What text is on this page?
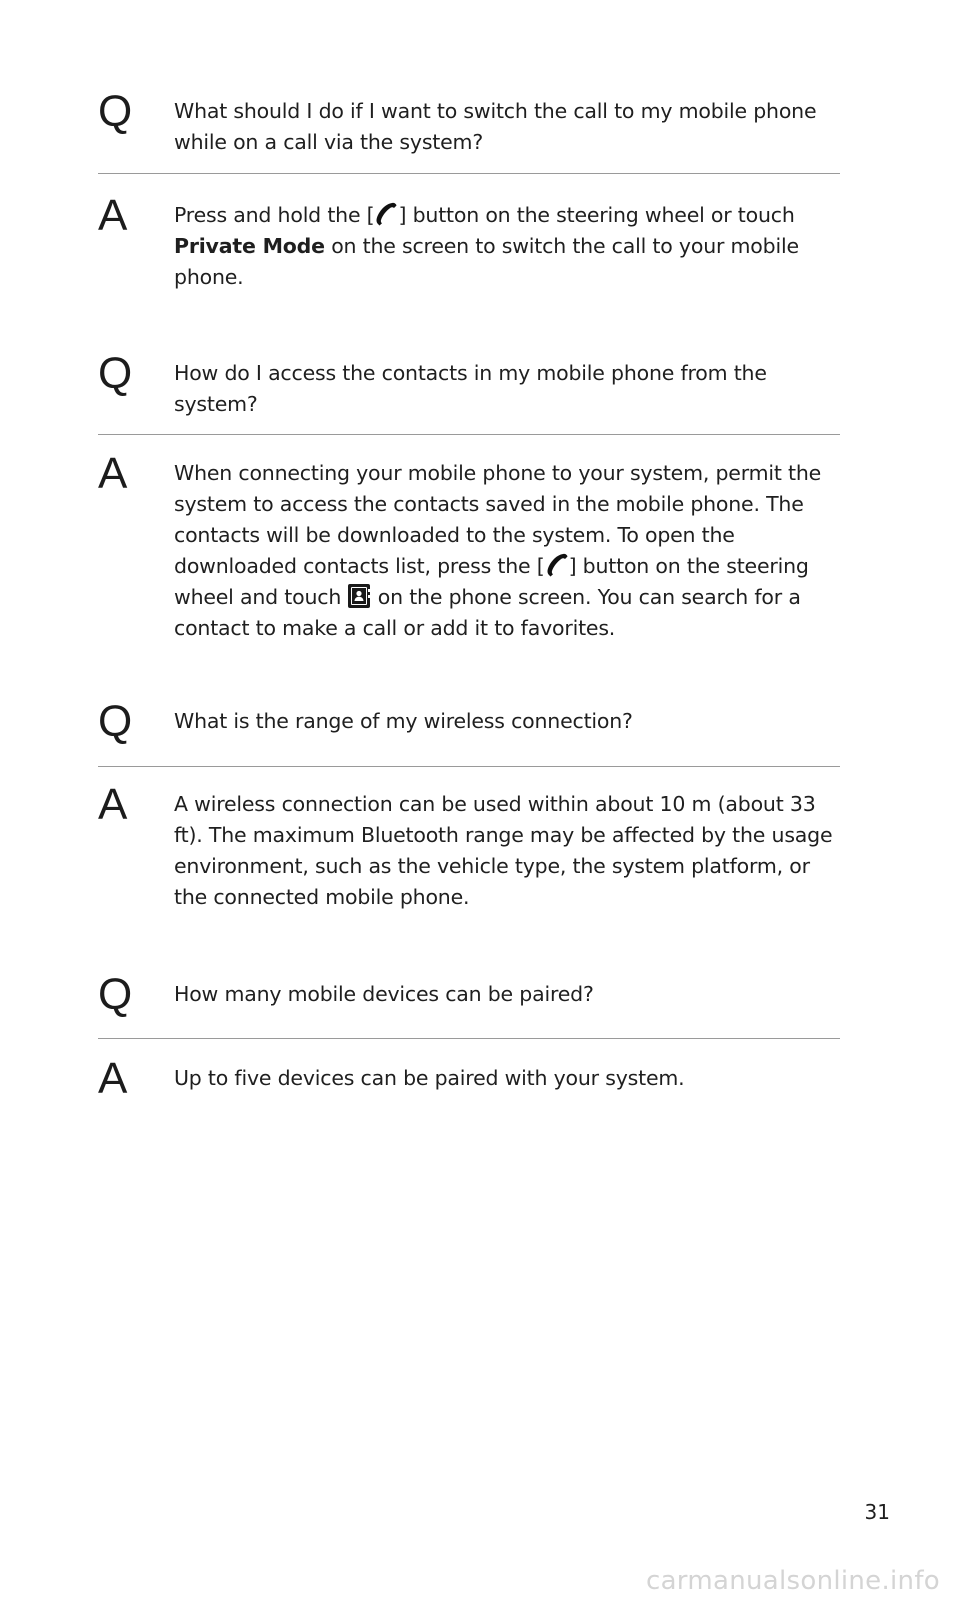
Q What should I do if I want to switch the call to my mobile phone while on a call via the system?
A Press and hold the [ ] button on the steering wheel or touch Private Mode on the screen to switch the call to your mobile phone.
Q How do I access the contacts in my mobile phone from the system?
A When connecting your mobile phone to your system, permit the system to access the contacts saved in the mobile phone. The contacts will be downloaded to the system. To open the downloaded contacts list, press the [ ] button on the steering wheel and touch  on the phone screen. You can search for a contact to make a call or add it to favorites.
Q What is the range of my wireless connection?
A A wireless connection can be used within about 10 m (about 33 ft). The maximum Bluetooth range may be affected by the usage environment, such as the vehicle type, the system platform, or the connected mobile phone.
Q How many mobile devices can be paired?
A Up to five devices can be paired with your system.
31
carmanualsonline.info
